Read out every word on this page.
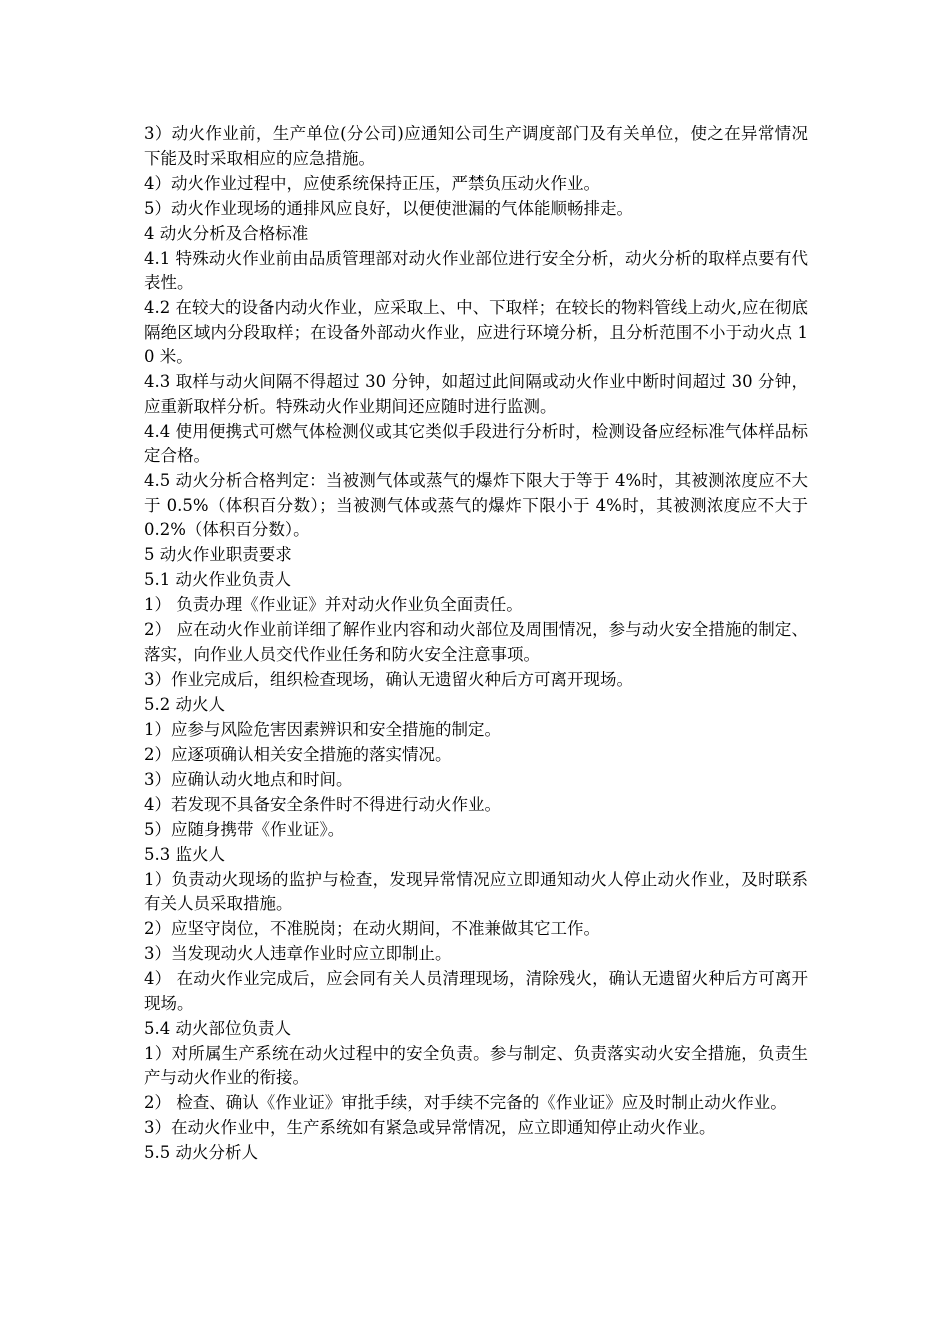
3）动火作业前，生产单位(分公司)应通知公司生产调度部门及有关单位，使之在异常情况下能及时采取相应的应急措施。

4）动火作业过程中，应使系统保持正压，严禁负压动火作业。

5）动火作业现场的通排风应良好，以便使泄漏的气体能顺畅排走。

4 动火分析及合格标准

4.1 特殊动火作业前由品质管理部对动火作业部位进行安全分析，动火分析的取样点要有代表性。

4.2 在较大的设备内动火作业，应采取上、中、下取样；在较长的物料管线上动火,应在彻底隔绝区域内分段取样；在设备外部动火作业，应进行环境分析，且分析范围不小于动火点 10 米。

4.3 取样与动火间隔不得超过 30 分钟，如超过此间隔或动火作业中断时间超过 30 分钟，应重新取样分析。特殊动火作业期间还应随时进行监测。

4.4 使用便携式可燃气体检测仪或其它类似手段进行分析时，检测设备应经标准气体样品标定合格。

4.5 动火分析合格判定：当被测气体或蒸气的爆炸下限大于等于 4%时，其被测浓度应不大于 0.5%（体积百分数）；当被测气体或蒸气的爆炸下限小于 4%时，其被测浓度应不大于 0.2%（体积百分数）。

5 动火作业职责要求

5.1 动火作业负责人

1） 负责办理《作业证》并对动火作业负全面责任。

2） 应在动火作业前详细了解作业内容和动火部位及周围情况，参与动火安全措施的制定、落实，向作业人员交代作业任务和防火安全注意事项。

3）作业完成后，组织检查现场，确认无遗留火种后方可离开现场。

5.2 动火人

1）应参与风险危害因素辨识和安全措施的制定。

2）应逐项确认相关安全措施的落实情况。

3）应确认动火地点和时间。

4）若发现不具备安全条件时不得进行动火作业。

5）应随身携带《作业证》。

5.3 监火人

1）负责动火现场的监护与检查，发现异常情况应立即通知动火人停止动火作业，及时联系有关人员采取措施。

2）应坚守岗位，不准脱岗；在动火期间，不准兼做其它工作。

3）当发现动火人违章作业时应立即制止。

4） 在动火作业完成后，应会同有关人员清理现场，清除残火，确认无遗留火种后方可离开现场。

5.4 动火部位负责人

1）对所属生产系统在动火过程中的安全负责。参与制定、负责落实动火安全措施，负责生产与动火作业的衔接。

2） 检查、确认《作业证》审批手续，对手续不完备的《作业证》应及时制止动火作业。

3）在动火作业中，生产系统如有紧急或异常情况，应立即通知停止动火作业。

5.5 动火分析人
